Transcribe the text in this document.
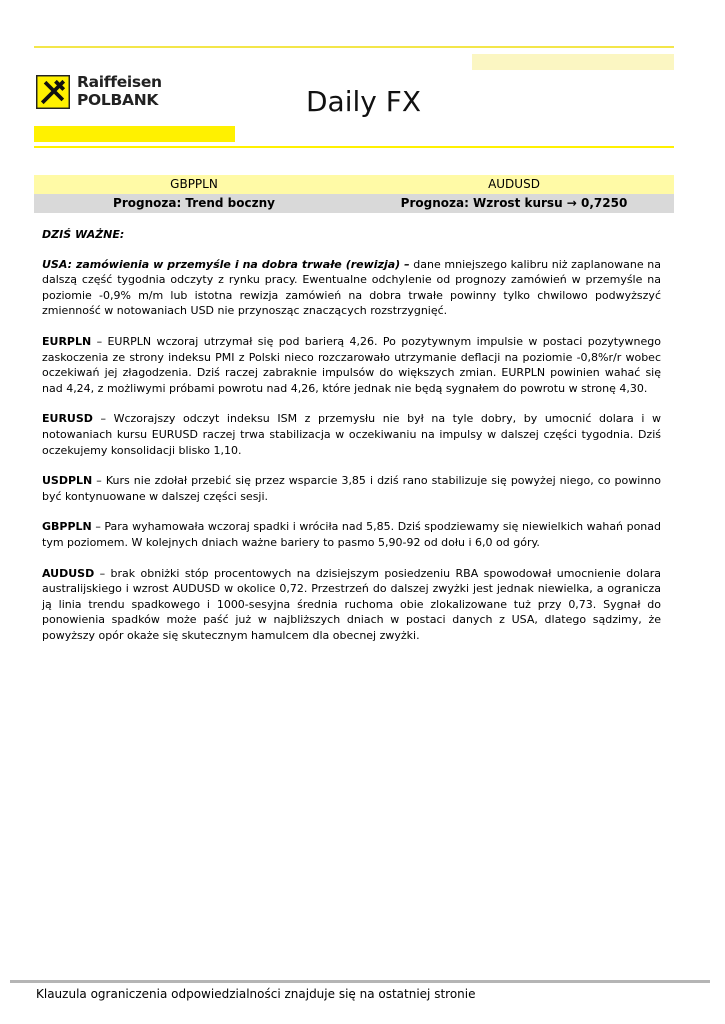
Raiffeisen
POLBANK	Daily FX
GBPPLN	AUDUSD
Prognoza: Trend boczny	Prognoza: Wzrost kursu → 0,7250

DZIŚ WAŻNE:

USA: zamówienia w przemyśle i na dobra trwałe (rewizja) – dane mniejszego kalibru niż zaplanowane na dalszą część tygodnia odczyty z rynku pracy. Ewentualne odchylenie od prognozy zamówień w przemyśle na poziomie -0,9% m/m lub istotna rewizja zamówień na dobra trwałe powinny tylko chwilowo podwyższyć zmienność w notowaniach USD nie przynosząc znaczących rozstrzygnięć.

EURPLN – EURPLN wczoraj utrzymał się pod barierą 4,26. Po pozytywnym impulsie w postaci pozytywnego zaskoczenia ze strony indeksu PMI z Polski nieco rozczarowało utrzymanie deflacji na poziomie -0,8%r/r wobec oczekiwań jej złagodzenia. Dziś raczej zabraknie impulsów do większych zmian. EURPLN powinien wahać się nad 4,24, z możliwymi próbami powrotu nad 4,26, które jednak nie będą sygnałem do powrotu w stronę 4,30.

EURUSD – Wczorajszy odczyt indeksu ISM z przemysłu nie był na tyle dobry, by umocnić dolara i w notowaniach kursu EURUSD raczej trwa stabilizacja w oczekiwaniu na impulsy w dalszej części tygodnia. Dziś oczekujemy konsolidacji blisko 1,10.

USDPLN – Kurs nie zdołał przebić się przez wsparcie 3,85 i dziś rano stabilizuje się powyżej niego, co powinno być kontynuowane w dalszej części sesji.

GBPPLN – Para wyhamowała wczoraj spadki i wróciła nad 5,85. Dziś spodziewamy się niewielkich wahań ponad tym poziomem. W kolejnych dniach ważne bariery to pasmo 5,90-92 od dołu i 6,0 od góry.

AUDUSD – brak obniżki stóp procentowych na dzisiejszym posiedzeniu RBA spowodował umocnienie dolara australijskiego i wzrost AUDUSD w okolice 0,72. Przestrzeń do dalszej zwyżki jest jednak niewielka, a ogranicza ją linia trendu spadkowego i 1000-sesyjna średnia ruchoma obie zlokalizowane tuż przy 0,73. Sygnał do ponowienia spadków może paść już w najbliższych dniach w postaci danych z USA, dlatego sądzimy, że powyższy opór okaże się skutecznym hamulcem dla obecnej zwyżki.

Klauzula ograniczenia odpowiedzialności znajduje się na ostatniej stronie
